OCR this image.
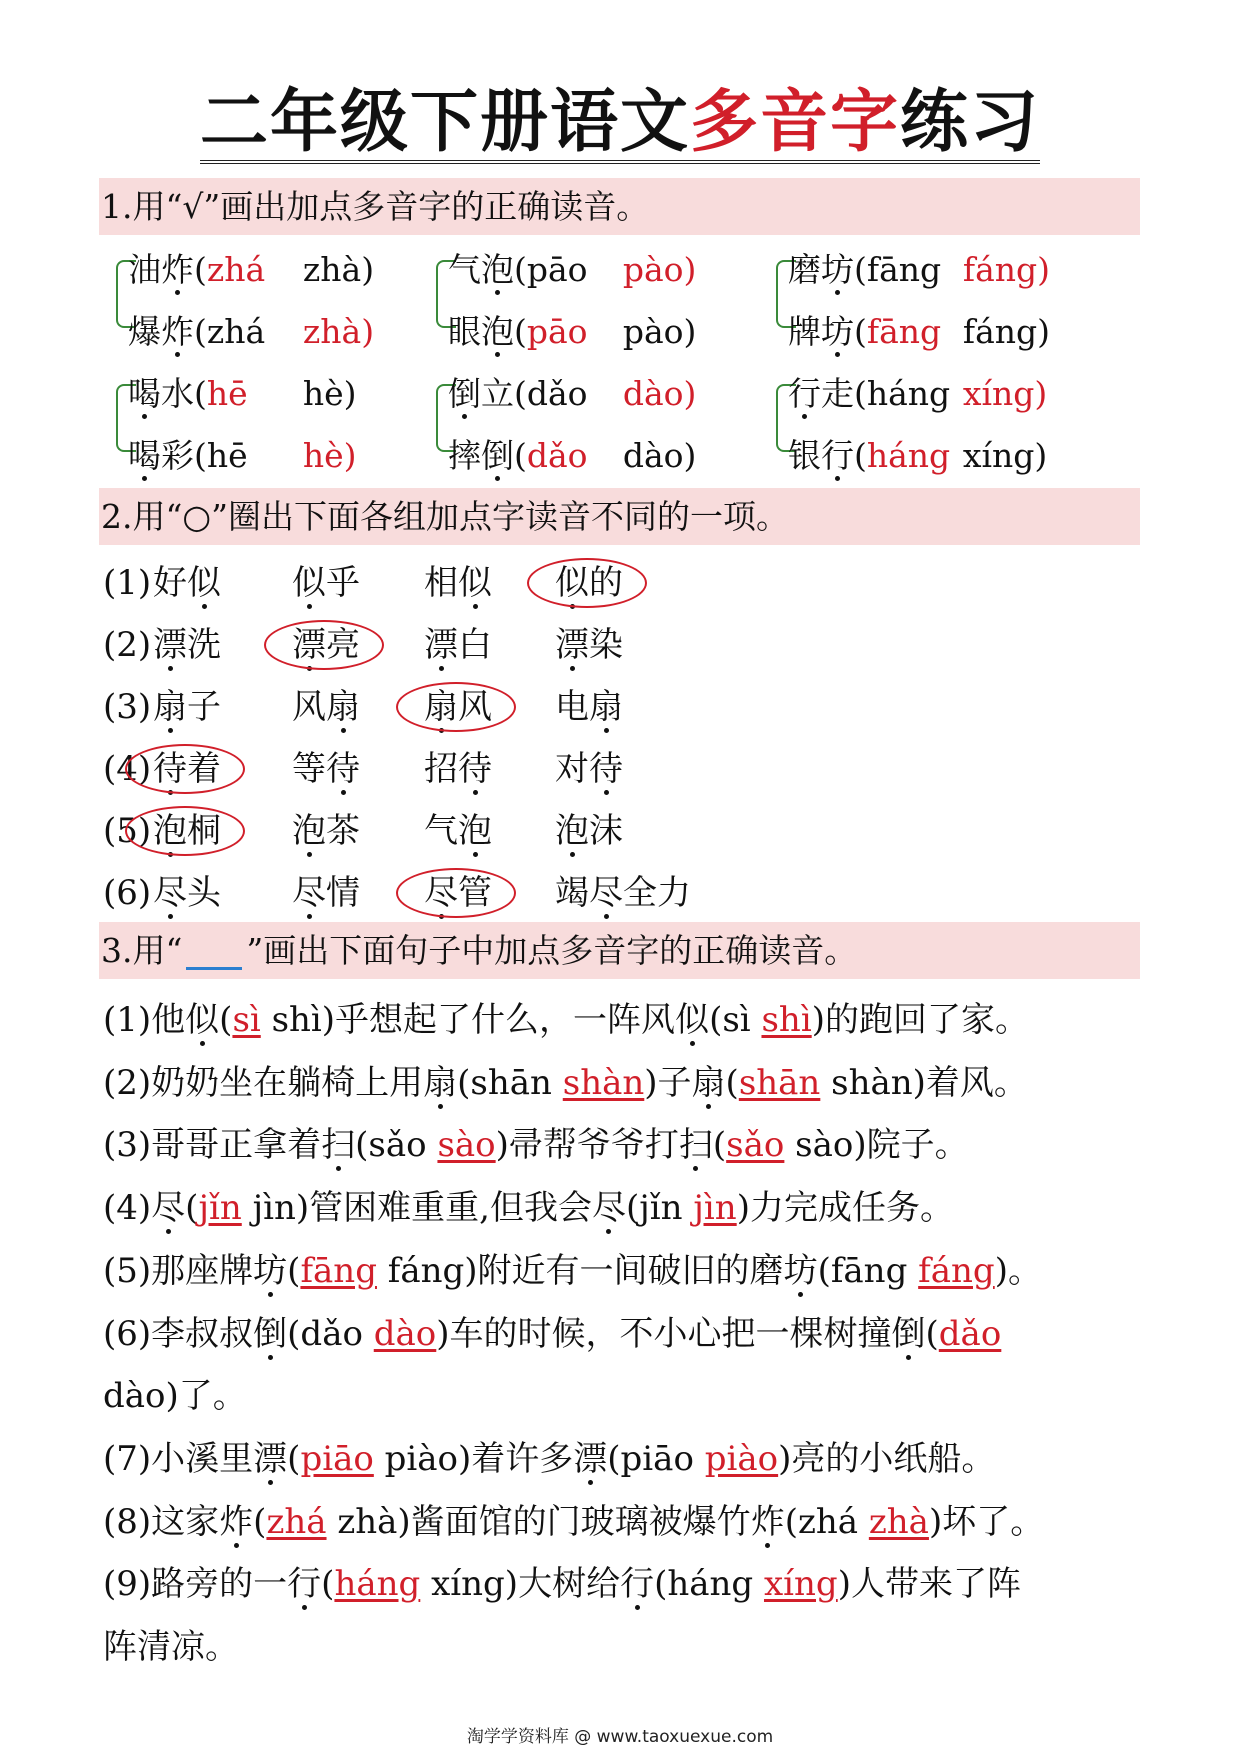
二年级下册语文多音字练习
1.用“√”画出加点多音字的正确读音。
油炸(zhá zhà)
爆炸(zhá zhà)
气泡(pāo pào)
眼泡(pāo pào)
磨坊(fāng fáng)
牌坊(fāng fáng)
喝水(hē hè)
喝彩(hē hè)
倒立(dǎo dào)
摔倒(dǎo dào)
行走(háng xíng)
银行(háng xíng)
2.用“○”圈出下面各组加点字读音不同的一项。
(1) 好似 似乎 相似 似的
(2) 漂洗 漂亮 漂白 漂染
(3) 扇子 风扇 扇风 电扇
(4) 待着 等待 招待 对待
(5) 泡桐 泡茶 气泡 泡沫
(6) 尽头 尽情 尽管 竭尽全力
3.用“ ”画出下面句子中加点多音字的正确读音。
(1)他似(sì shì)乎想起了什么，一阵风似(sì shì)的跑回了家。
(2)奶奶坐在躺椅上用扇(shān shàn)子扇(shān shàn)着风。
(3)哥哥正拿着扫(sǎo sào)帚帮爷爷打扫(sǎo sào)院子。
(4)尽(jǐn jìn)管困难重重,但我会尽(jǐn jìn)力完成任务。
(5)那座牌坊(fāng fáng)附近有一间破旧的磨坊(fāng fáng)。
(6)李叔叔倒(dǎo dào)车的时候，不小心把一棵树撞倒(dǎo
dào)了。
(7)小溪里漂(piāo piào)着许多漂(piāo piào)亮的小纸船。
(8)这家炸(zhá zhà)酱面馆的门玻璃被爆竹炸(zhá zhà)坏了。
(9)路旁的一行(háng xíng)大树给行(háng xíng)人带来了阵
阵清凉。
淘学学资料库 @ www.taoxuexue.com
